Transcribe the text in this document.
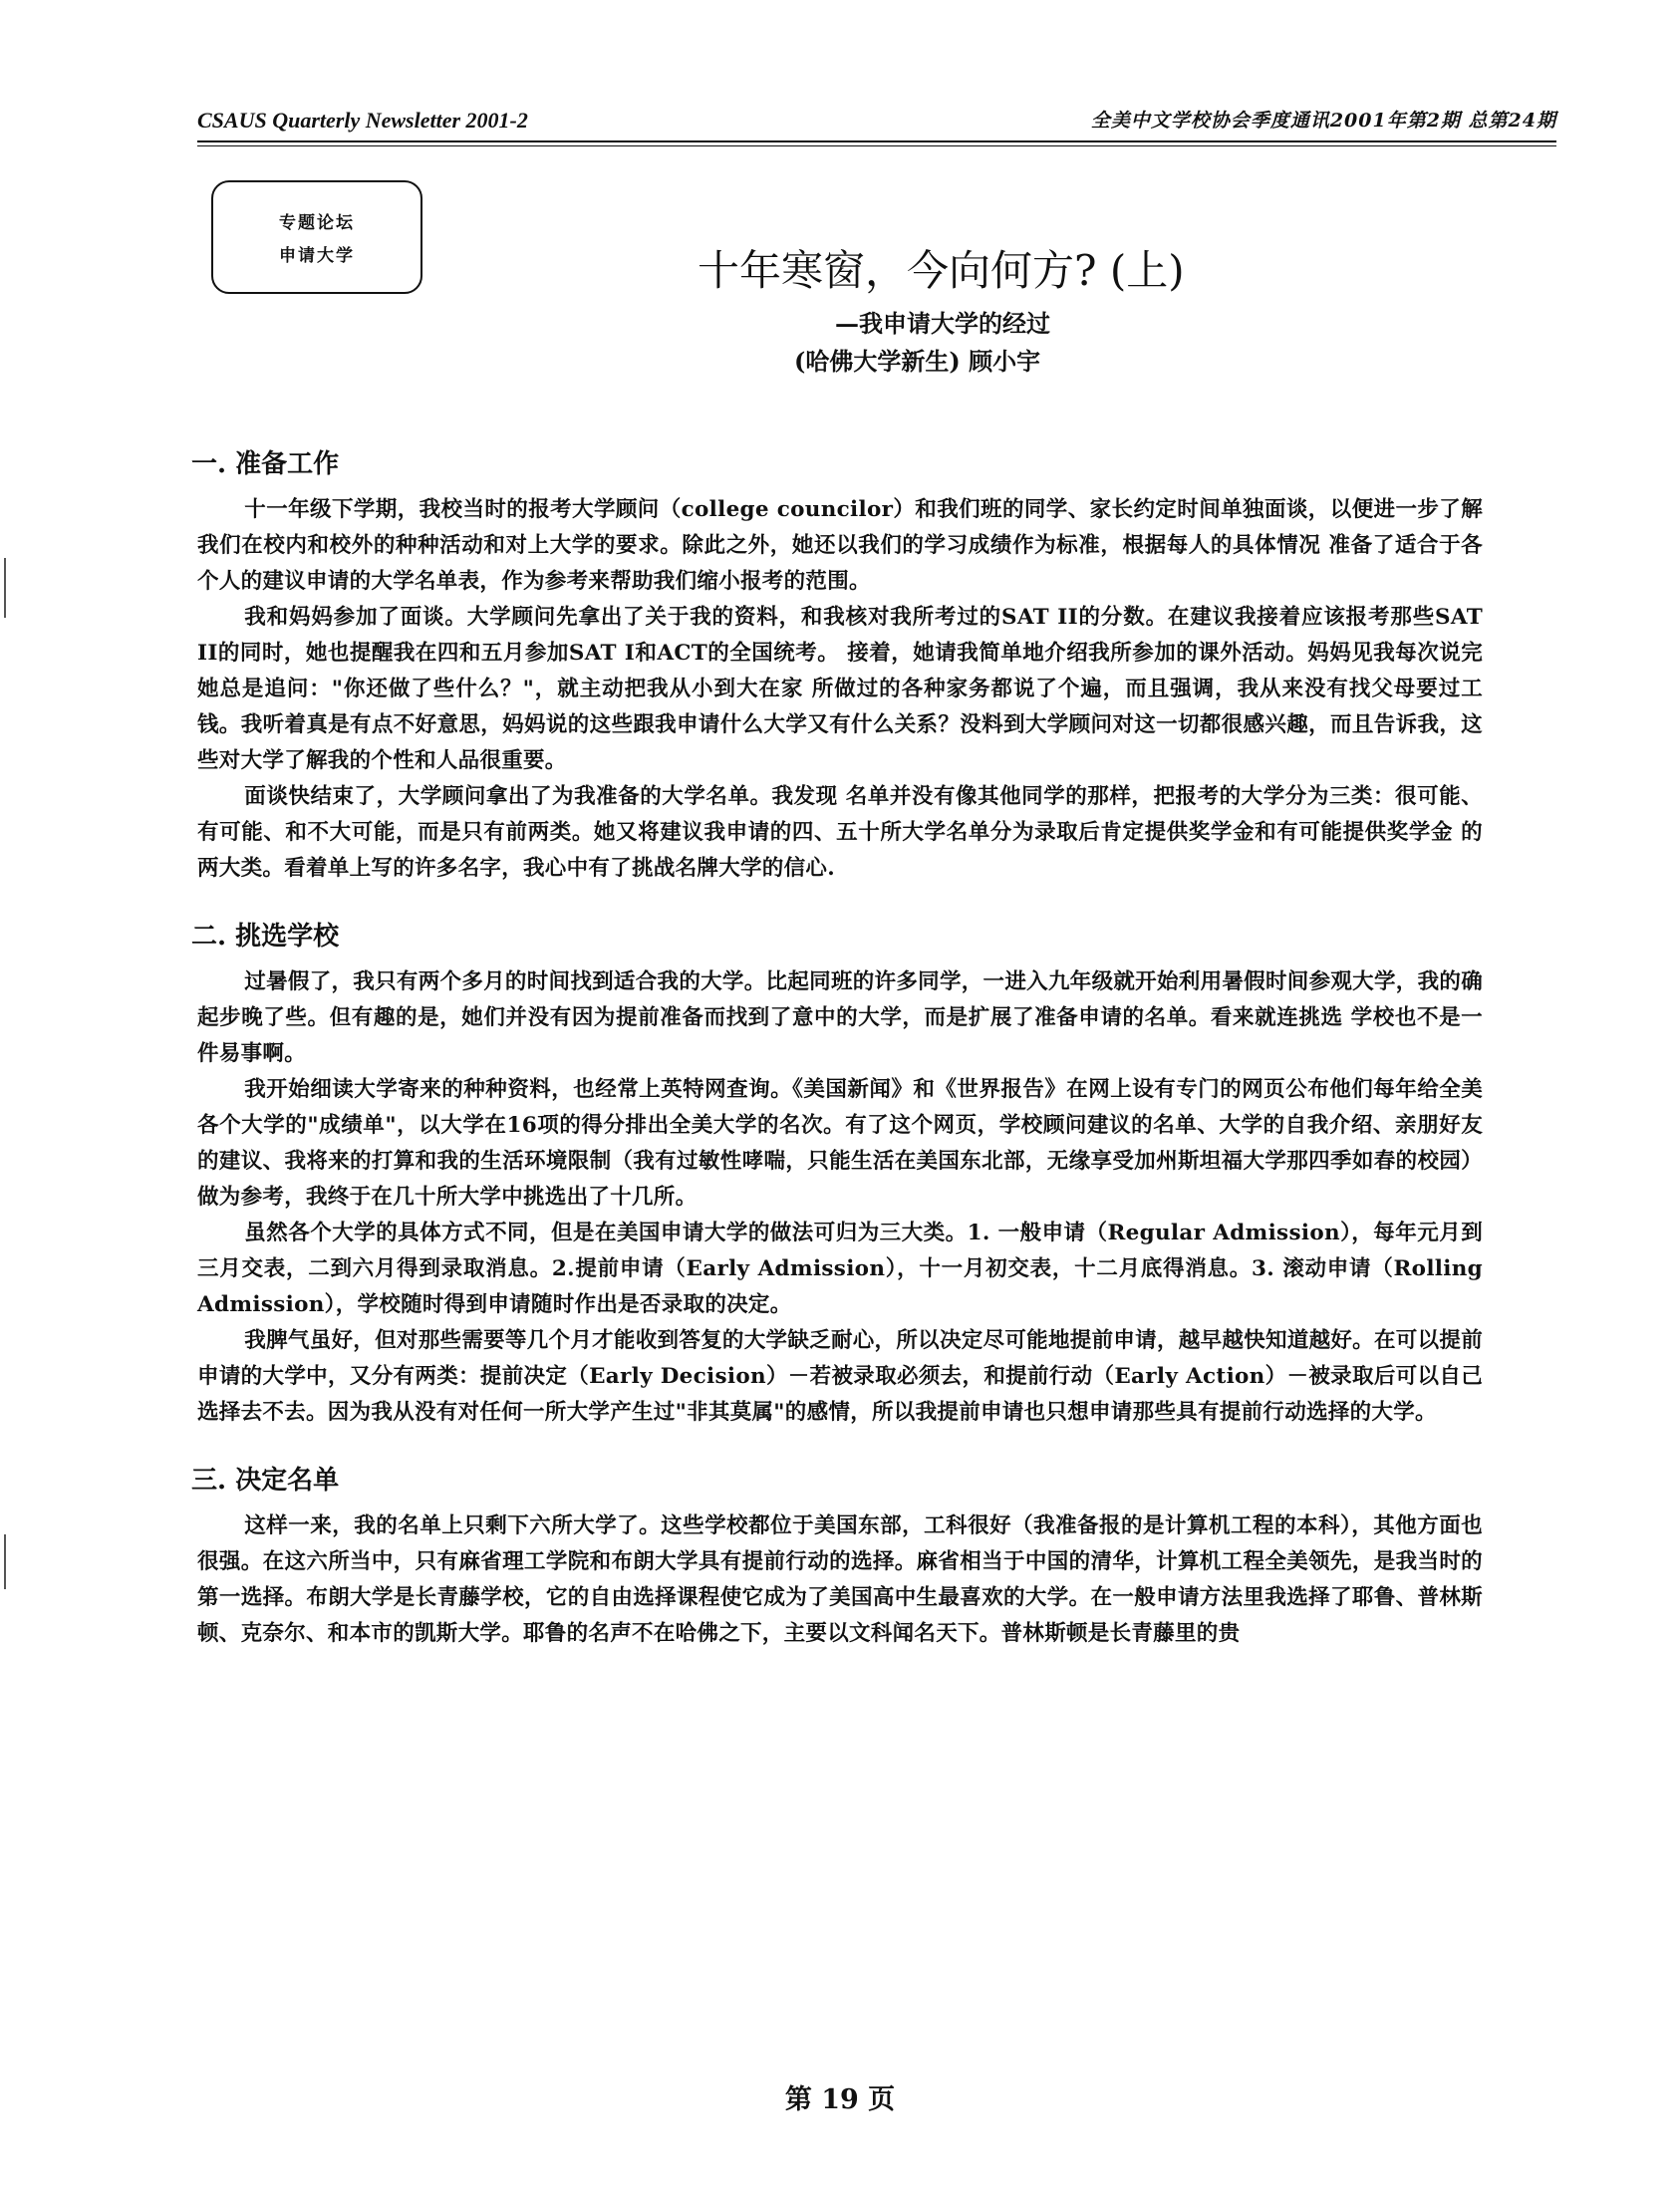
CSAUS Quarterly Newsletter 2001-2	全美中文学校协会季度通讯2001年第2期 总第24期
专题论坛
申请大学	十年寒窗，今向何方? (上)

—我申请大学的经过

(哈佛大学新生) 顾小宇

一. 准备工作

十一年级下学期，我校当时的报考大学顾问（college councilor）和我们班的同学、家长约定时间单独面谈，以便进一步了解我们在校内和校外的种种活动和对上大学的要求。除此之外，她还以我们的学习成绩作为标准，根据每人的具体情况 准备了适合于各个人的建议申请的大学名单表，作为参考来帮助我们缩小报考的范围。

我和妈妈参加了面谈。大学顾问先拿出了关于我的资料，和我核对我所考过的SAT II的分数。在建议我接着应该报考那些SAT II的同时，她也提醒我在四和五月参加SAT I和ACT的全国统考。 接着，她请我简单地介绍我所参加的课外活动。妈妈见我每次说完她总是追问："你还做了些什么？"，就主动把我从小到大在家 所做过的各种家务都说了个遍，而且强调，我从来没有找父母要过工钱。我听着真是有点不好意思，妈妈说的这些跟我申请什么大学又有什么关系？没料到大学顾问对这一切都很感兴趣，而且告诉我，这些对大学了解我的个性和人品很重要。

面谈快结束了，大学顾问拿出了为我准备的大学名单。我发现 名单并没有像其他同学的那样，把报考的大学分为三类：很可能、有可能、和不大可能，而是只有前两类。她又将建议我申请的四、五十所大学名单分为录取后肯定提供奖学金和有可能提供奖学金 的两大类。看着单上写的许多名字，我心中有了挑战名牌大学的信心.

二. 挑选学校

过暑假了，我只有两个多月的时间找到适合我的大学。比起同班的许多同学，一进入九年级就开始利用暑假时间参观大学，我的确起步晚了些。但有趣的是，她们并没有因为提前准备而找到了意中的大学，而是扩展了准备申请的名单。看来就连挑选 学校也不是一件易事啊。

我开始细读大学寄来的种种资料，也经常上英特网查询。《美国新闻》和《世界报告》在网上设有专门的网页公布他们每年给全美各个大学的"成绩单"，以大学在16项的得分排出全美大学的名次。有了这个网页，学校顾问建议的名单、大学的自我介绍、亲朋好友的建议、我将来的打算和我的生活环境限制（我有过敏性哮喘，只能生活在美国东北部，无缘享受加州斯坦福大学那四季如春的校园）做为参考，我终于在几十所大学中挑选出了十几所。

虽然各个大学的具体方式不同，但是在美国申请大学的做法可归为三大类。1. 一般申请（Regular Admission），每年元月到三月交表，二到六月得到录取消息。2.提前申请（Early Admission），十一月初交表，十二月底得消息。3. 滚动申请（Rolling Admission），学校随时得到申请随时作出是否录取的决定。

我脾气虽好，但对那些需要等几个月才能收到答复的大学缺乏耐心，所以决定尽可能地提前申请，越早越快知道越好。在可以提前申请的大学中，又分有两类：提前决定（Early Decision）－若被录取必须去，和提前行动（Early Action）－被录取后可以自己选择去不去。因为我从没有对任何一所大学产生过"非其莫属"的感情，所以我提前申请也只想申请那些具有提前行动选择的大学。

三. 决定名单

这样一来，我的名单上只剩下六所大学了。这些学校都位于美国东部，工科很好（我准备报的是计算机工程的本科），其他方面也很强。在这六所当中，只有麻省理工学院和布朗大学具有提前行动的选择。麻省相当于中国的清华，计算机工程全美领先，是我当时的第一选择。布朗大学是长青藤学校，它的自由选择课程使它成为了美国高中生最喜欢的大学。在一般申请方法里我选择了耶鲁、普林斯顿、克奈尔、和本市的凯斯大学。耶鲁的名声不在哈佛之下，主要以文科闻名天下。普林斯顿是长青藤里的贵

第 19 页
